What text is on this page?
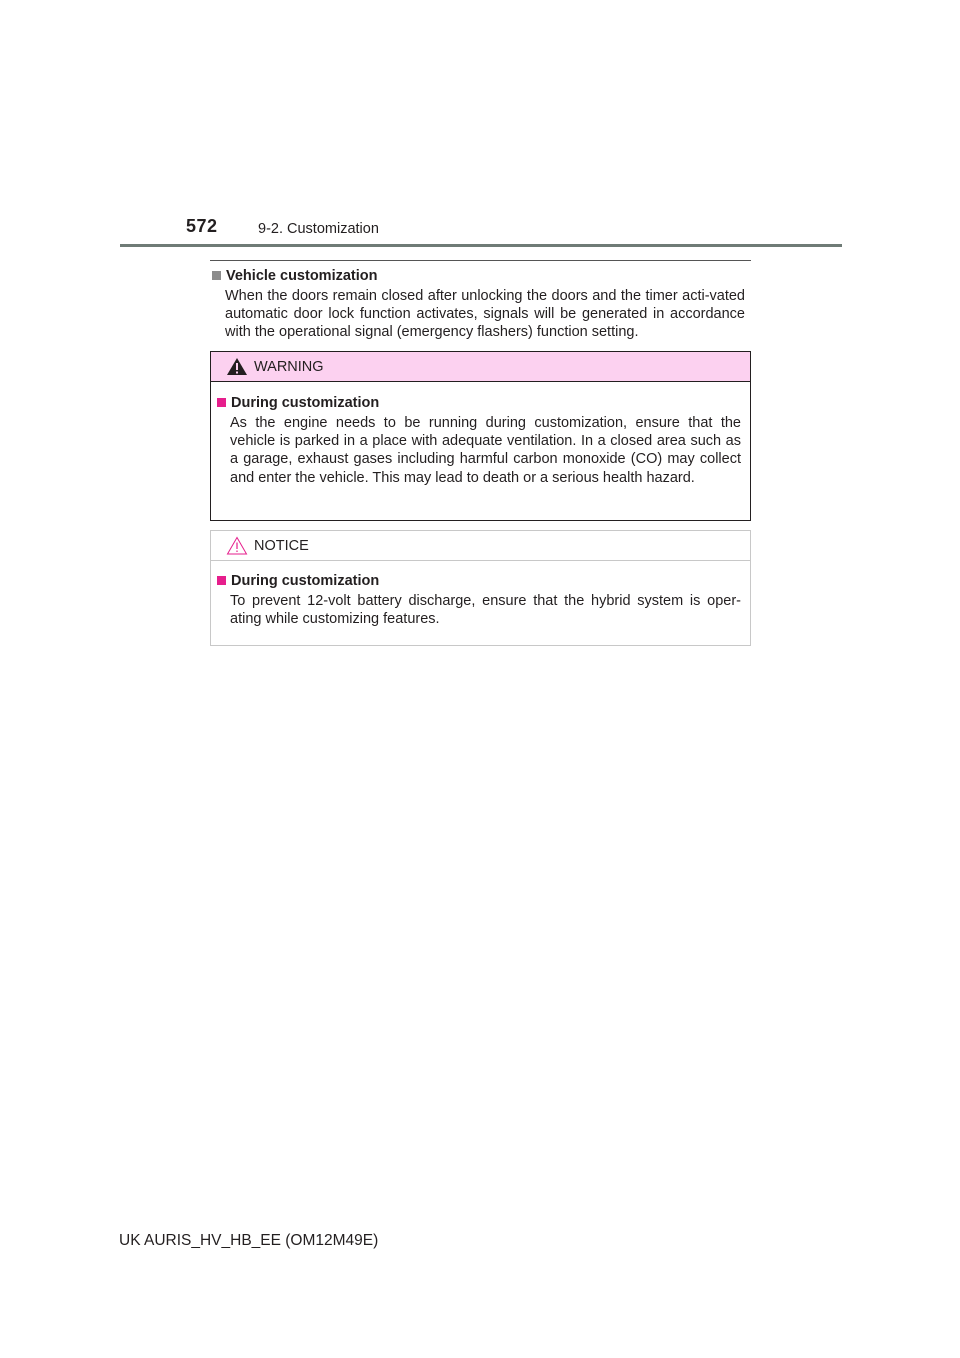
572	9-2. Customization
Vehicle customization
When the doors remain closed after unlocking the doors and the timer acti-vated automatic door lock function activates, signals will be generated in accordance with the operational signal (emergency flashers) function setting.
WARNING
During customization
As the engine needs to be running during customization, ensure that the vehicle is parked in a place with adequate ventilation. In a closed area such as a garage, exhaust gases including harmful carbon monoxide (CO) may collect and enter the vehicle. This may lead to death or a serious health hazard.
NOTICE
During customization
To prevent 12-volt battery discharge, ensure that the hybrid system is oper-ating while customizing features.
UK AURIS_HV_HB_EE (OM12M49E)
